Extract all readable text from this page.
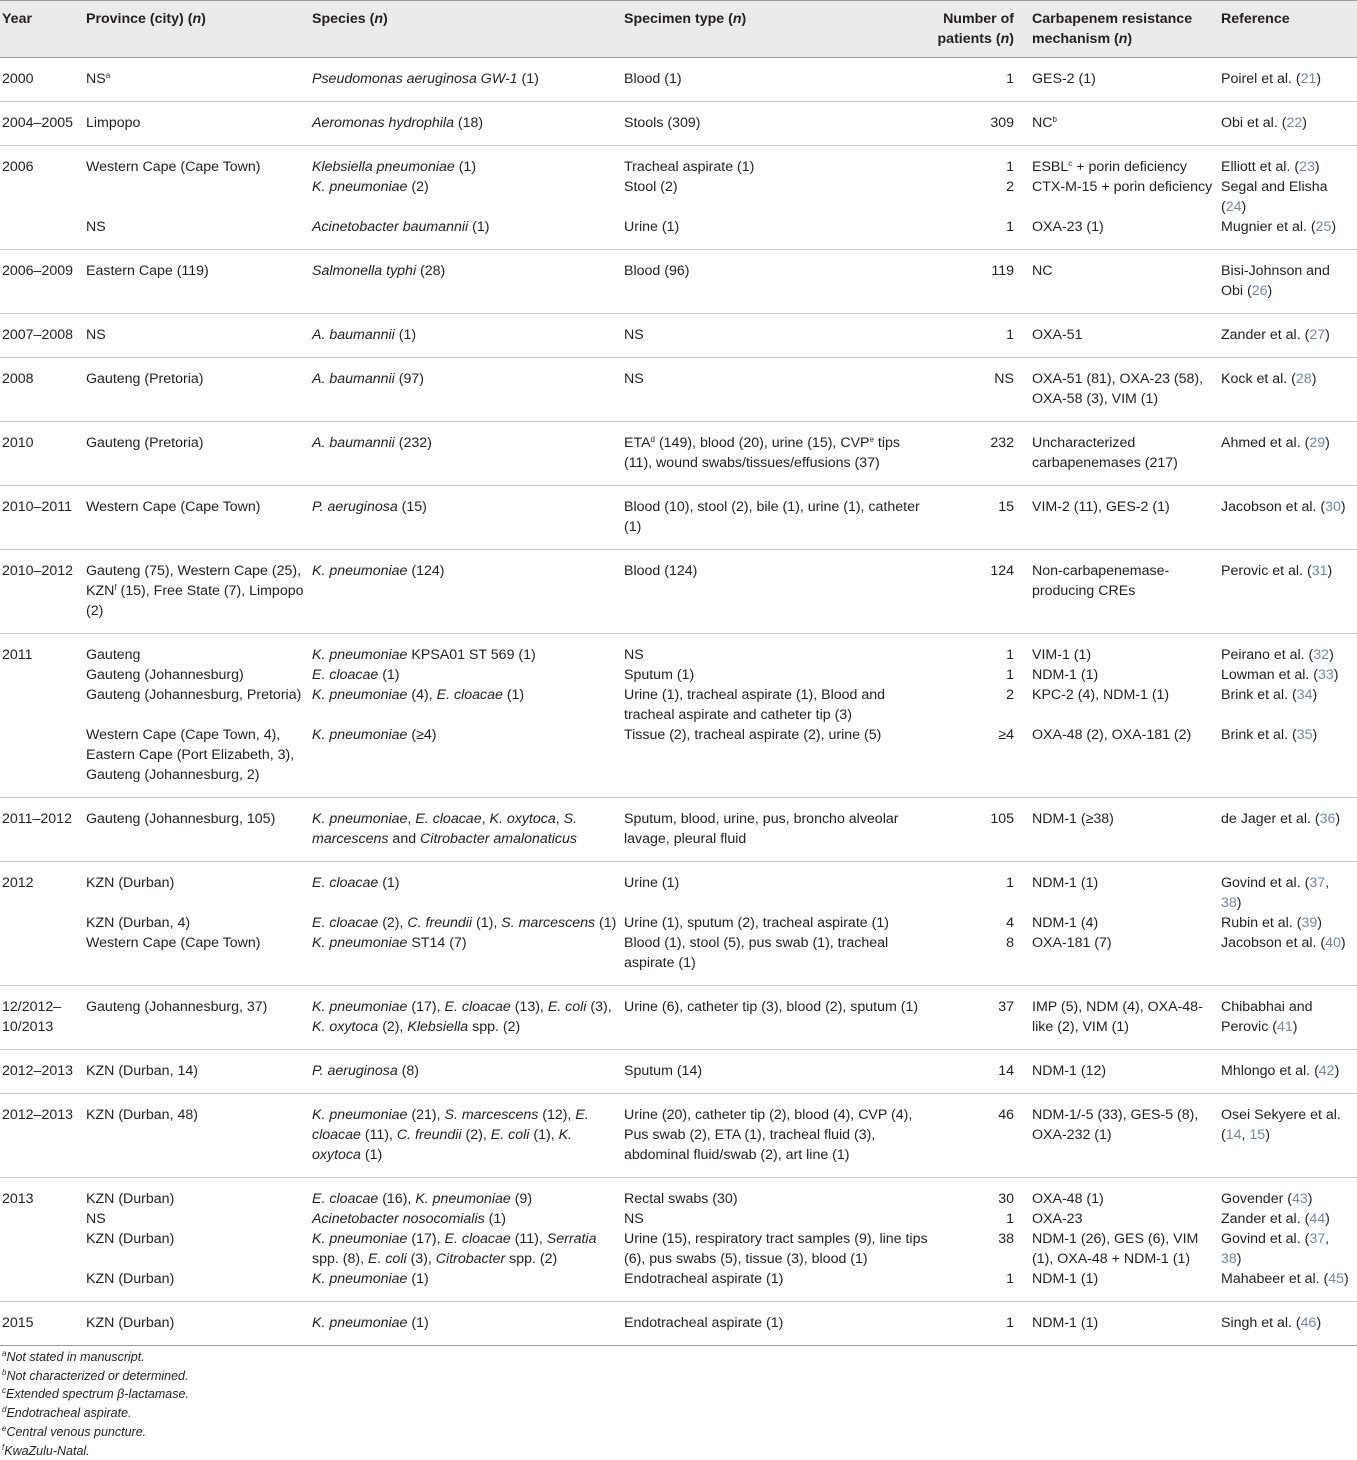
Year	Province (city) (n)	Species (n)	Specimen type (n)	Number of patients (n)	Carbapenem resistance mechanism (n)	Reference
2000	$NS^a$	Pseudomonas aeruginosa GW-1 (1)	Blood (1)	1	GES-2 (1)	Poirel et al. (21)
2004–2005	Limpopo	Aeromonas hydrophila (18)	Stools (309)	309	$NC^b$	Obi et al. (22)
2006	Western Cape (Cape Town)	Klebsiella pneumoniae (1)	Tracheal aspirate (1)	1	$ESBL^c$ + porin deficiency	Elliott et al. (23)
		K. pneumoniae (2)	Stool (2)	2	CTX-M-15 + porin deficiency	Segal and Elisha (24)
	NS	Acinetobacter baumannii (1)	Urine (1)	1	OXA-23 (1)	Mugnier et al. (25)
2006–2009	Eastern Cape (119)	Salmonella typhi (28)	Blood (96)	119	NC	Bisi-Johnson and Obi (26)
2007–2008	NS	A. baumannii (1)	NS	1	OXA-51	Zander et al. (27)
2008	Gauteng (Pretoria)	A. baumannii (97)	NS	NS	OXA-51 (81), OXA-23 (58), OXA-58 (3), VIM (1)	Kock et al. (28)
2010	Gauteng (Pretoria)	A. baumannii (232)	ETA$^d$ (149), blood (20), urine (15), CVP$^e$ tips (11), wound swabs/tissues/effusions (37)	232	Uncharacterized carbapenemases (217)	Ahmed et al. (29)
2010–2011	Western Cape (Cape Town)	P. aeruginosa (15)	Blood (10), stool (2), bile (1), urine (1), catheter (1)	15	VIM-2 (11), GES-2 (1)	Jacobson et al. (30)
2010–2012	Gauteng (75), Western Cape (25), KZN$^f$ (15), Free State (7), Limpopo (2)	K. pneumoniae (124)	Blood (124)	124	Non-carbapenemase-producing CREs	Perovic et al. (31)
2011	Gauteng	K. pneumoniae KPSA01 ST 569 (1)	NS	1	VIM-1 (1)	Peirano et al. (32)
	Gauteng (Johannesburg)	E. cloacae (1)	Sputum (1)	1	NDM-1 (1)	Lowman et al. (33)
	Gauteng (Johannesburg, Pretoria)	K. pneumoniae (4), E. cloacae (1)	Urine (1), tracheal aspirate (1), Blood and tracheal aspirate and catheter tip (3)	2	KPC-2 (4), NDM-1 (1)	Brink et al. (34)
	Western Cape (Cape Town, 4), Eastern Cape (Port Elizabeth, 3), Gauteng (Johannesburg, 2)	K. pneumoniae (≥4)	Tissue (2), tracheal aspirate (2), urine (5)	≥4	OXA-48 (2), OXA-181 (2)	Brink et al. (35)
2011–2012	Gauteng (Johannesburg, 105)	K. pneumoniae, E. cloacae, K. oxytoca, S. marcescens and Citrobacter amalonaticus	Sputum, blood, urine, pus, broncho alveolar lavage, pleural fluid	105	NDM-1 (≥38)	de Jager et al. (36)
2012	KZN (Durban)	E. cloacae (1)	Urine (1)	1	NDM-1 (1)	Govind et al. (37, 38)
	KZN (Durban, 4)	E. cloacae (2), C. freundii (1), S. marcescens (1)	Urine (1), sputum (2), tracheal aspirate (1)	4	NDM-1 (4)	Rubin et al. (39)
	Western Cape (Cape Town)	K. pneumoniae ST14 (7)	Blood (1), stool (5), pus swab (1), tracheal aspirate (1)	8	OXA-181 (7)	Jacobson et al. (40)
12/2012–10/2013	Gauteng (Johannesburg, 37)	K. pneumoniae (17), E. cloacae (13), E. coli (3), K. oxytoca (2), Klebsiella spp. (2)	Urine (6), catheter tip (3), blood (2), sputum (1)	37	IMP (5), NDM (4), OXA-48-like (2), VIM (1)	Chibabhai and Perovic (41)
2012–2013	KZN (Durban, 14)	P. aeruginosa (8)	Sputum (14)	14	NDM-1 (12)	Mhlongo et al. (42)
2012–2013	KZN (Durban, 48)	K. pneumoniae (21), S. marcescens (12), E. cloacae (11), C. freundii (2), E. coli (1), K. oxytoca (1)	Urine (20), catheter tip (2), blood (4), CVP (4), Pus swab (2), ETA (1), tracheal fluid (3), abdominal fluid/swab (2), art line (1)	46	NDM-1/-5 (33), GES-5 (8), OXA-232 (1)	Osei Sekyere et al. (14, 15)
2013	KZN (Durban)	E. cloacae (16), K. pneumoniae (9)	Rectal swabs (30)	30	OXA-48 (1)	Govender (43)
	NS	Acinetobacter nosocomialis (1)	NS	1	OXA-23	Zander et al. (44)
	KZN (Durban)	K. pneumoniae (17), E. cloacae (11), Serratia spp. (8), E. coli (3), Citrobacter spp. (2)	Urine (15), respiratory tract samples (9), line tips (6), pus swabs (5), tissue (3), blood (1)	38	NDM-1 (26), GES (6), VIM (1), OXA-48 + NDM-1 (1)	Govind et al. (37, 38)
	KZN (Durban)	K. pneumoniae (1)	Endotracheal aspirate (1)	1	NDM-1 (1)	Mahabeer et al. (45)
2015	KZN (Durban)	K. pneumoniae (1)	Endotracheal aspirate (1)	1	NDM-1 (1)	Singh et al. (46)
$^a$Not stated in manuscript.
$^b$Not characterized or determined.
$^c$Extended spectrum β-lactamase.
$^d$Endotracheal aspirate.
$^e$Central venous puncture.
$^f$KwaZulu-Natal.
